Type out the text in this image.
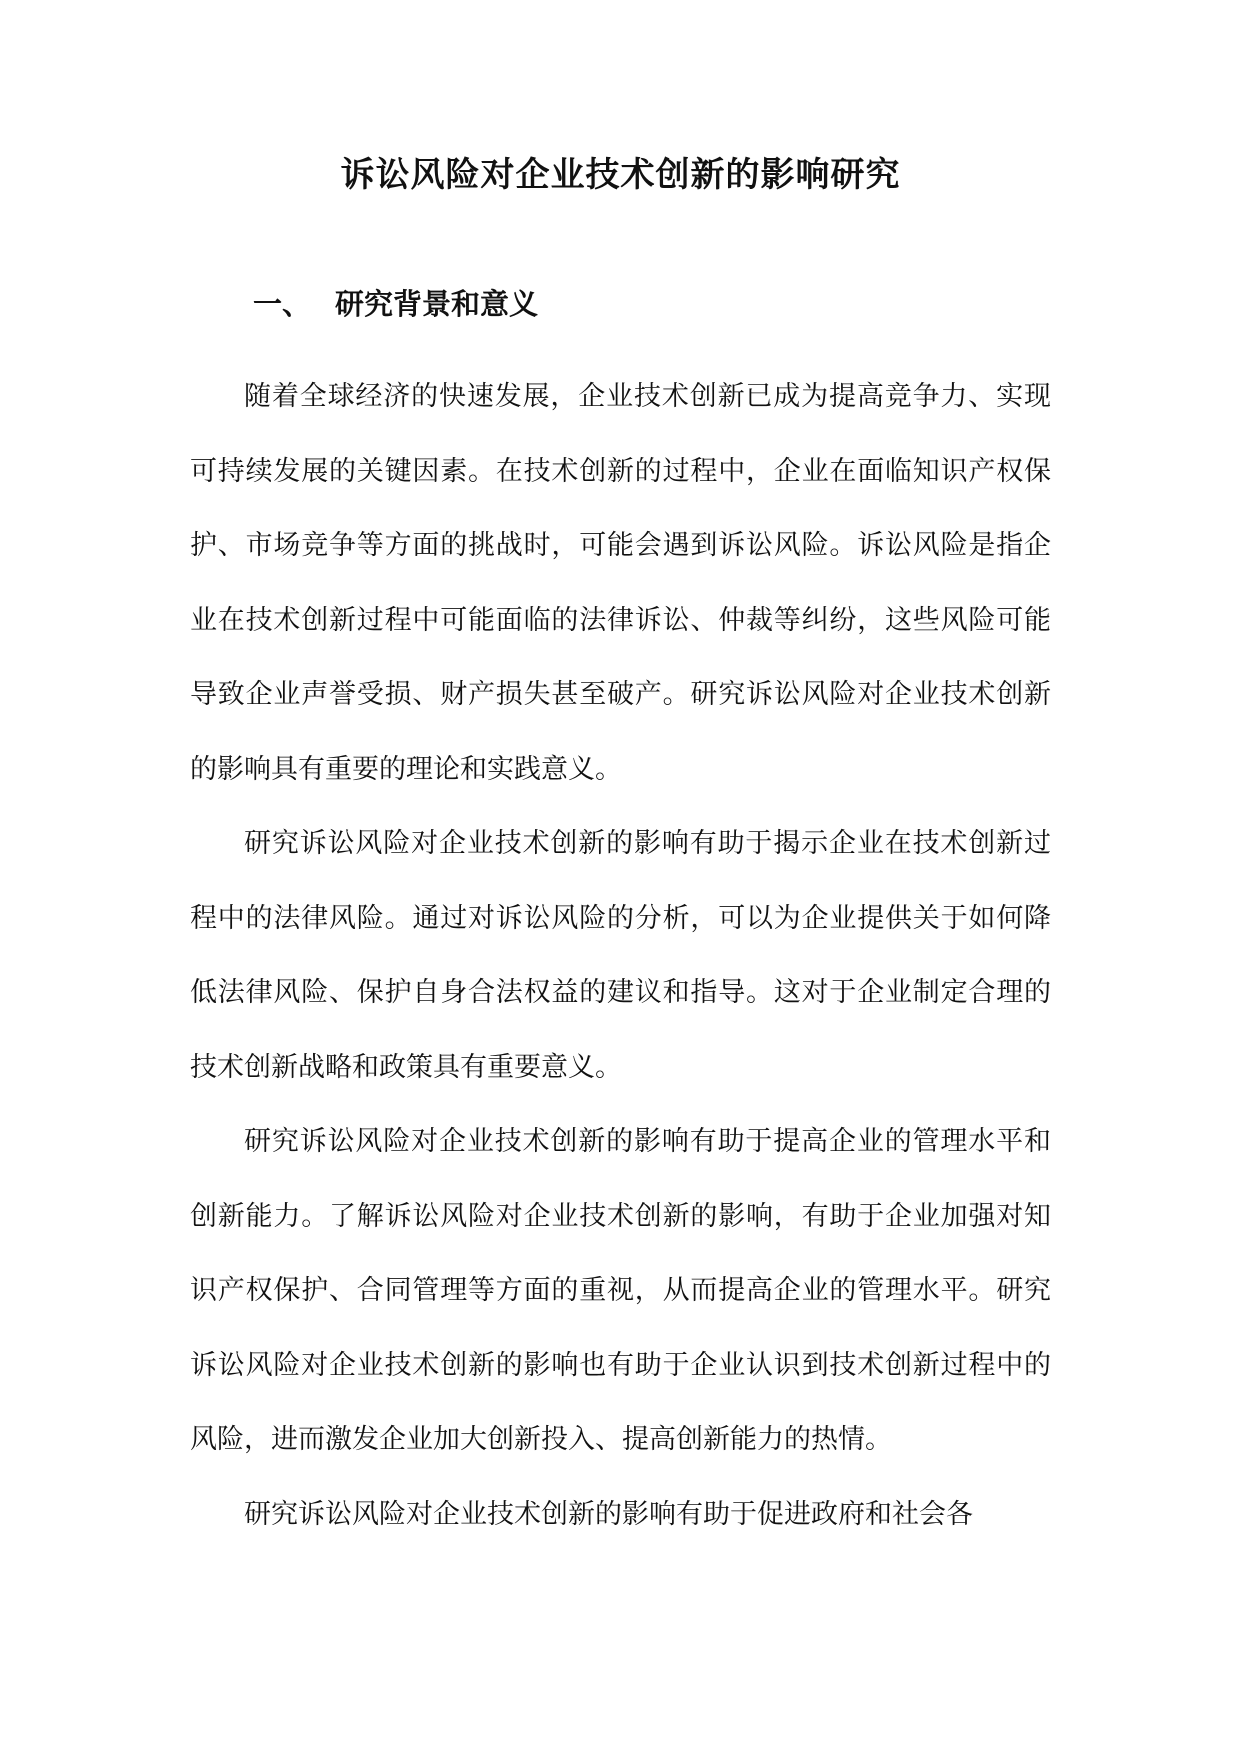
诉讼风险对企业技术创新的影响研究
一、 研究背景和意义

随着全球经济的快速发展，企业技术创新已成为提高竞争力、实现可持续发展的关键因素。在技术创新的过程中，企业在面临知识产权保护、市场竞争等方面的挑战时，可能会遇到诉讼风险。诉讼风险是指企业在技术创新过程中可能面临的法律诉讼、仲裁等纠纷，这些风险可能导致企业声誉受损、财产损失甚至破产。研究诉讼风险对企业技术创新的影响具有重要的理论和实践意义。

研究诉讼风险对企业技术创新的影响有助于揭示企业在技术创新过程中的法律风险。通过对诉讼风险的分析，可以为企业提供关于如何降低法律风险、保护自身合法权益的建议和指导。这对于企业制定合理的技术创新战略和政策具有重要意义。

研究诉讼风险对企业技术创新的影响有助于提高企业的管理水平和创新能力。了解诉讼风险对企业技术创新的影响，有助于企业加强对知识产权保护、合同管理等方面的重视，从而提高企业的管理水平。研究诉讼风险对企业技术创新的影响也有助于企业认识到技术创新过程中的风险，进而激发企业加大创新投入、提高创新能力的热情。

研究诉讼风险对企业技术创新的影响有助于促进政府和社会各
